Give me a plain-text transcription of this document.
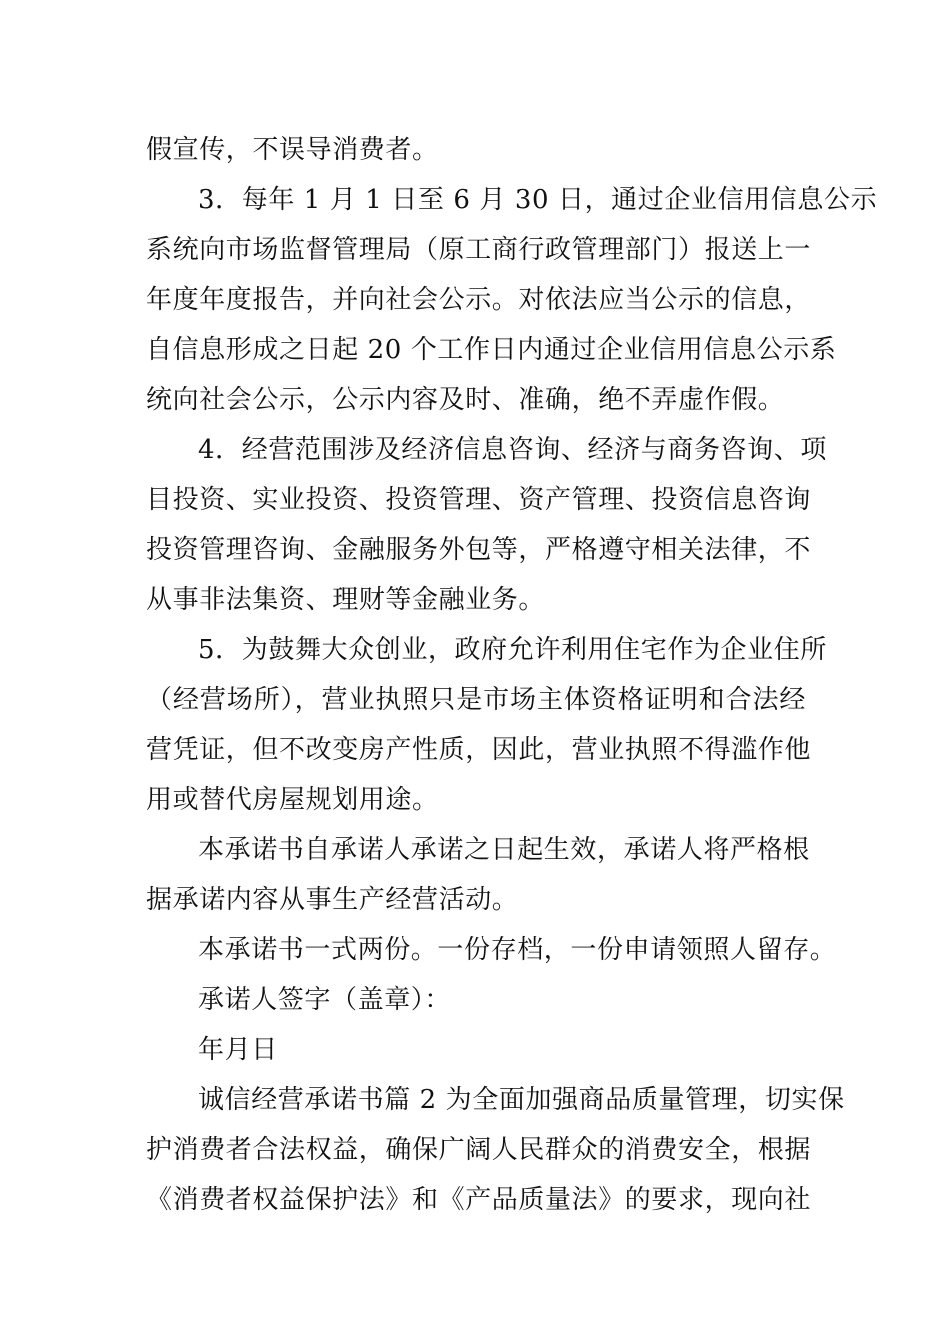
假宣传，不误导消费者。
3．每年 1 月 1 日至 6 月 30 日，通过企业信用信息公示
系统向市场监督管理局（原工商行政管理部门）报送上一
年度年度报告，并向社会公示。对依法应当公示的信息，
自信息形成之日起 20 个工作日内通过企业信用信息公示系
统向社会公示，公示内容及时、准确，绝不弄虚作假。
4．经营范围涉及经济信息咨询、经济与商务咨询、项
目投资、实业投资、投资管理、资产管理、投资信息咨询
投资管理咨询、金融服务外包等，严格遵守相关法律，不
从事非法集资、理财等金融业务。
5．为鼓舞大众创业，政府允许利用住宅作为企业住所
（经营场所），营业执照只是市场主体资格证明和合法经
营凭证，但不改变房产性质，因此，营业执照不得滥作他
用或替代房屋规划用途。
本承诺书自承诺人承诺之日起生效，承诺人将严格根
据承诺内容从事生产经营活动。
本承诺书一式两份。一份存档，一份申请领照人留存。
承诺人签字（盖章）：
年月日
诚信经营承诺书篇 2 为全面加强商品质量管理，切实保
护消费者合法权益，确保广阔人民群众的消费安全，根据
《消费者权益保护法》和《产品质量法》的要求，现向社
